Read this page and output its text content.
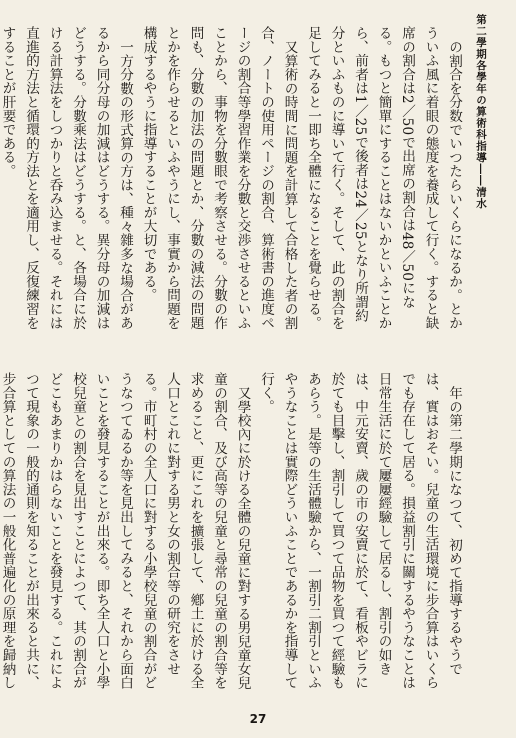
第二學期各學年の算術科指導――清水

の割合を分数でいつたらいくらになるか。とかういふ風に着眼の態度を養成して行く。すると缺席の割合は2／50で出席の割合は48／50になる。もつと簡單にすることはないかといふことから、前者は1／25で後者は24／25となり所謂約分といふものに導いて行く。そして、此の割合を足してみると一即ち全體になることを覺らせる。

又算術の時間に問題を計算して合格した者の割合、ノートの使用ページの割合、算術書の進度ページの割合等學習作業を分數と交渉させるといふことから、事物を分數眼で考察させる。分數の作問も、分數の加法の問題とか、分數の減法の問題とかを作らせるといふやうにし、事實から問題を構成するやうに指導することが大切である。

一方分數の形式算の方は、種々雜多な場合があるから同分母の加減はどうする。異分母の加減はどうする。分數乘法はどうする。と、各場合に於ける計算法をしつかりと呑み込ませる。それには直進的方法と循環的方法とを適用し、反復練習をすることが肝要である。

年の第二學期になつて、初めて指導するやうでは、實はおそい。兒童の生活環境に步合算はいくらでも存在して居る。損益割引に關するやうなことは日常生活に於て屢屢經驗して居るし、割引の如きは、中元安賣、歲の市の安賣に於て、看板やビラに於ても目擊し、割引して買つて品物を買つて經驗もあらう。是等の生活體驗から、一割引二割引といふやうなことは實際どういふことであるかを指導して行く。

又學校內に於ける全體の兒童に對する男兒童女兒童の割合、及び高等の兒童と尋常の兒童の割合等を求めること、更にこれを擴張して、鄕土に於ける全人口とこれに對する男と女の割合等の研究をさせる。市町村の全人口に對する小學校兒童の割合がどうなつてゐるか等を見出してみると、それから面白いことを發見することが出來る。即ち全人口と小學校兒童との割合を見出すことによつて、其の割合がどこもあまりかはらないことを發見する。これによつて現象の一般的通則を知ることが出來ると共に、步合算としての算法の一般化普遍化の原理を歸納し

27
